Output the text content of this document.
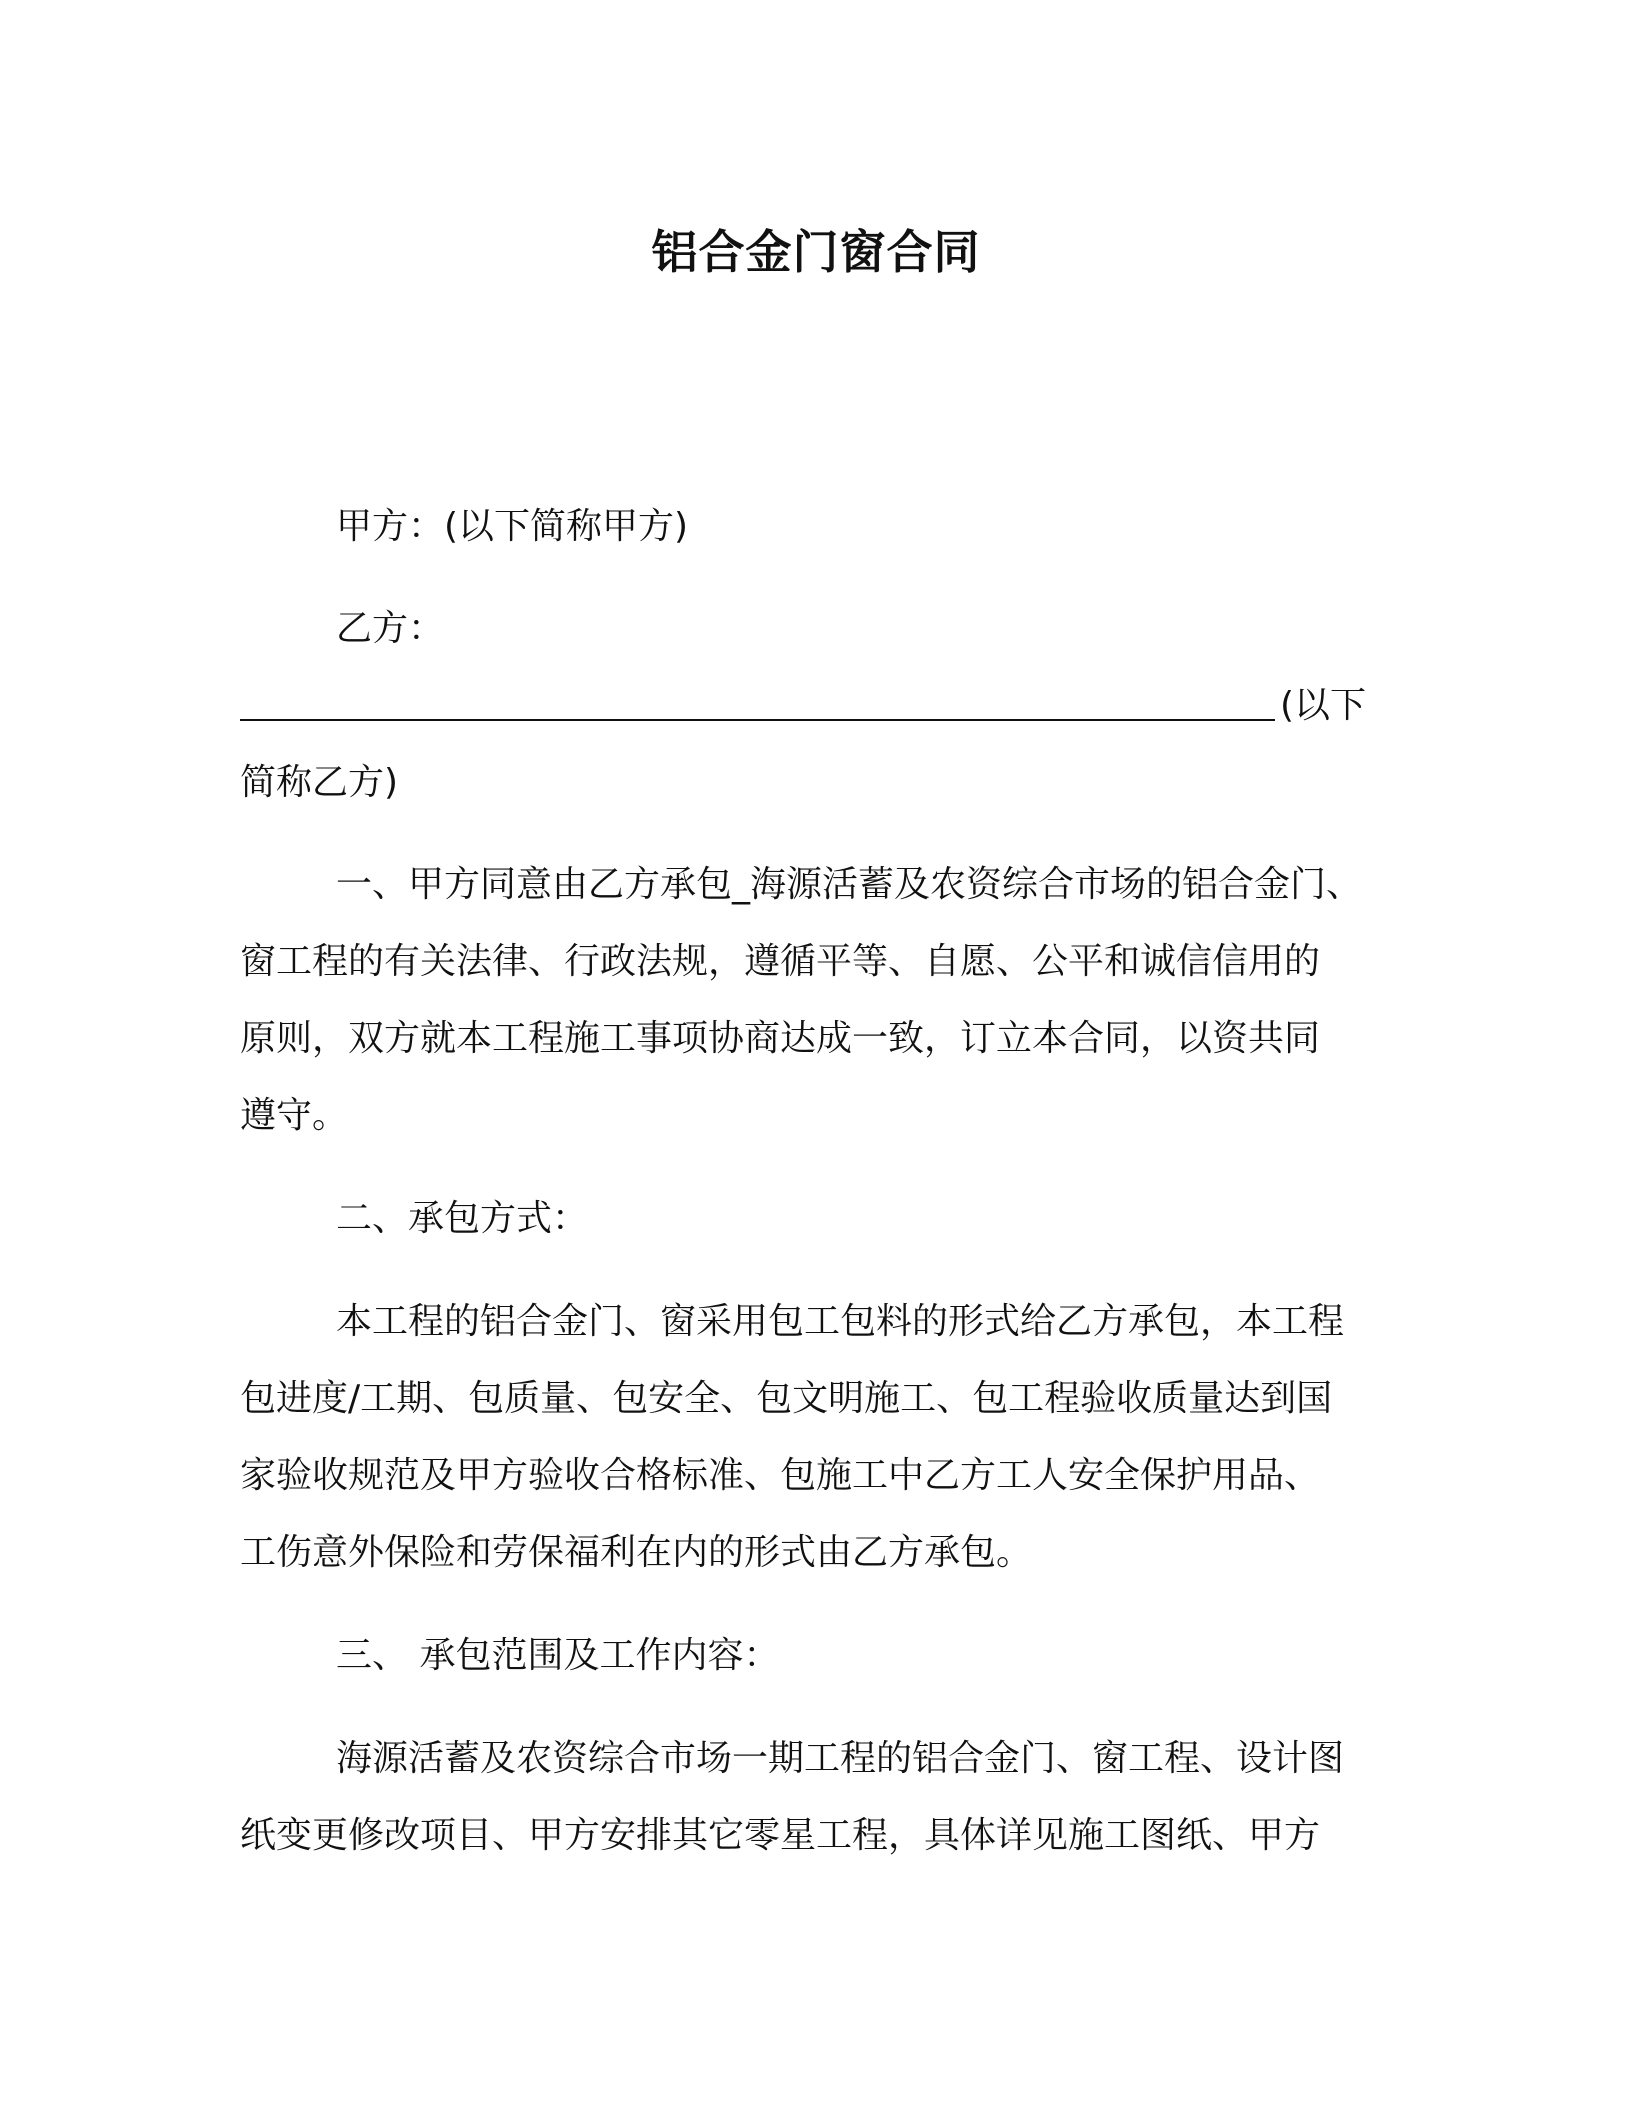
铝合金门窗合同

甲方：(以下简称甲方)

乙方：
(以下
简称乙方)

一、甲方同意由乙方承包_海源活蓄及农资综合市场的铝合金门、
窗工程的有关法律、行政法规，遵循平等、自愿、公平和诚信信用的
原则，双方就本工程施工事项协商达成一致，订立本合同，以资共同
遵守。

二、承包方式：

本工程的铝合金门、窗采用包工包料的形式给乙方承包，本工程
包进度/工期、包质量、包安全、包文明施工、包工程验收质量达到国
家验收规范及甲方验收合格标准、包施工中乙方工人安全保护用品、
工伤意外保险和劳保福利在内的形式由乙方承包。

三、 承包范围及工作内容：

海源活蓄及农资综合市场一期工程的铝合金门、窗工程、设计图
纸变更修改项目、甲方安排其它零星工程，具体详见施工图纸、甲方
